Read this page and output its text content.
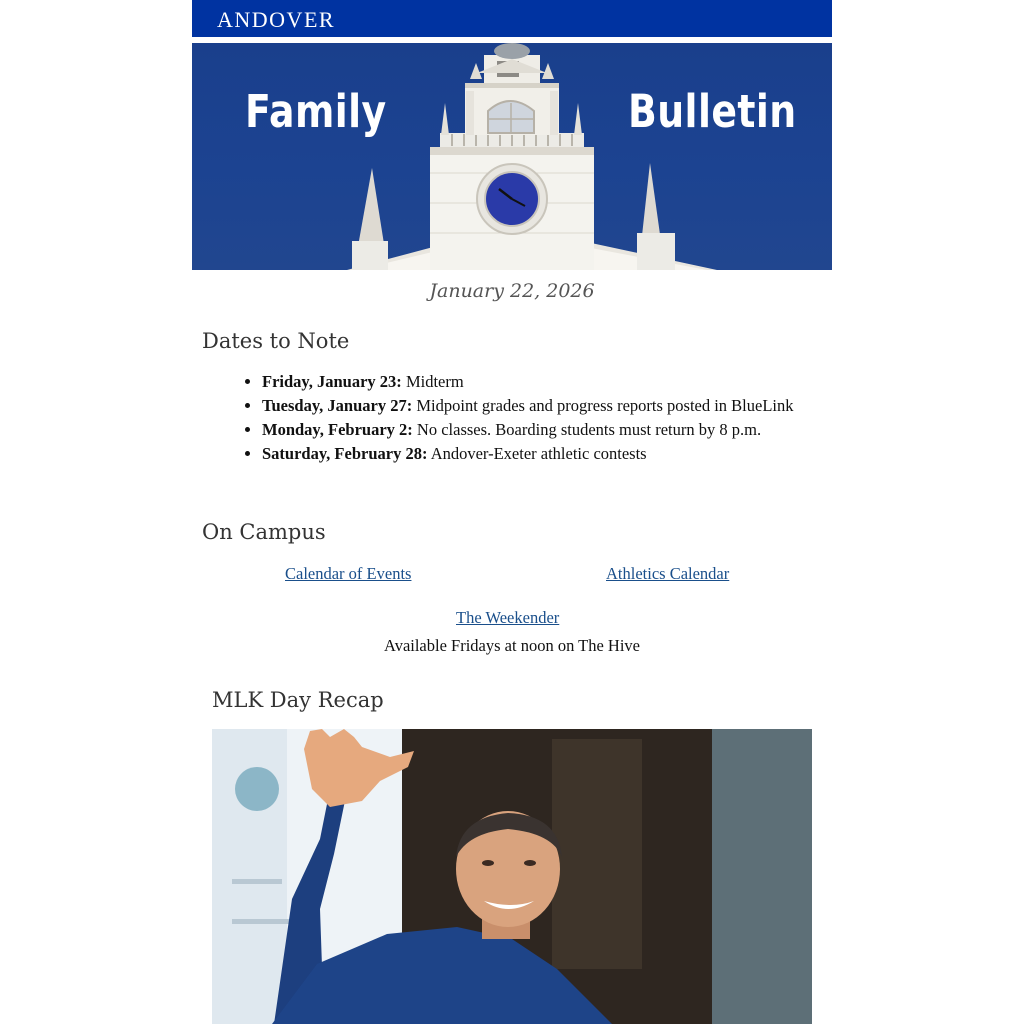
ANDOVER
Family	Bulletin
January 22, 2026
Dates to Note
• Friday, January 23: Midterm
• Tuesday, January 27: Midpoint grades and progress reports posted in BlueLink
• Monday, February 2: No classes. Boarding students must return by 8 p.m.
• Saturday, February 28: Andover-Exeter athletic contests
On Campus
Calendar of Events	Athletics Calendar
The Weekender
Available Fridays at noon on The Hive
MLK Day Recap
